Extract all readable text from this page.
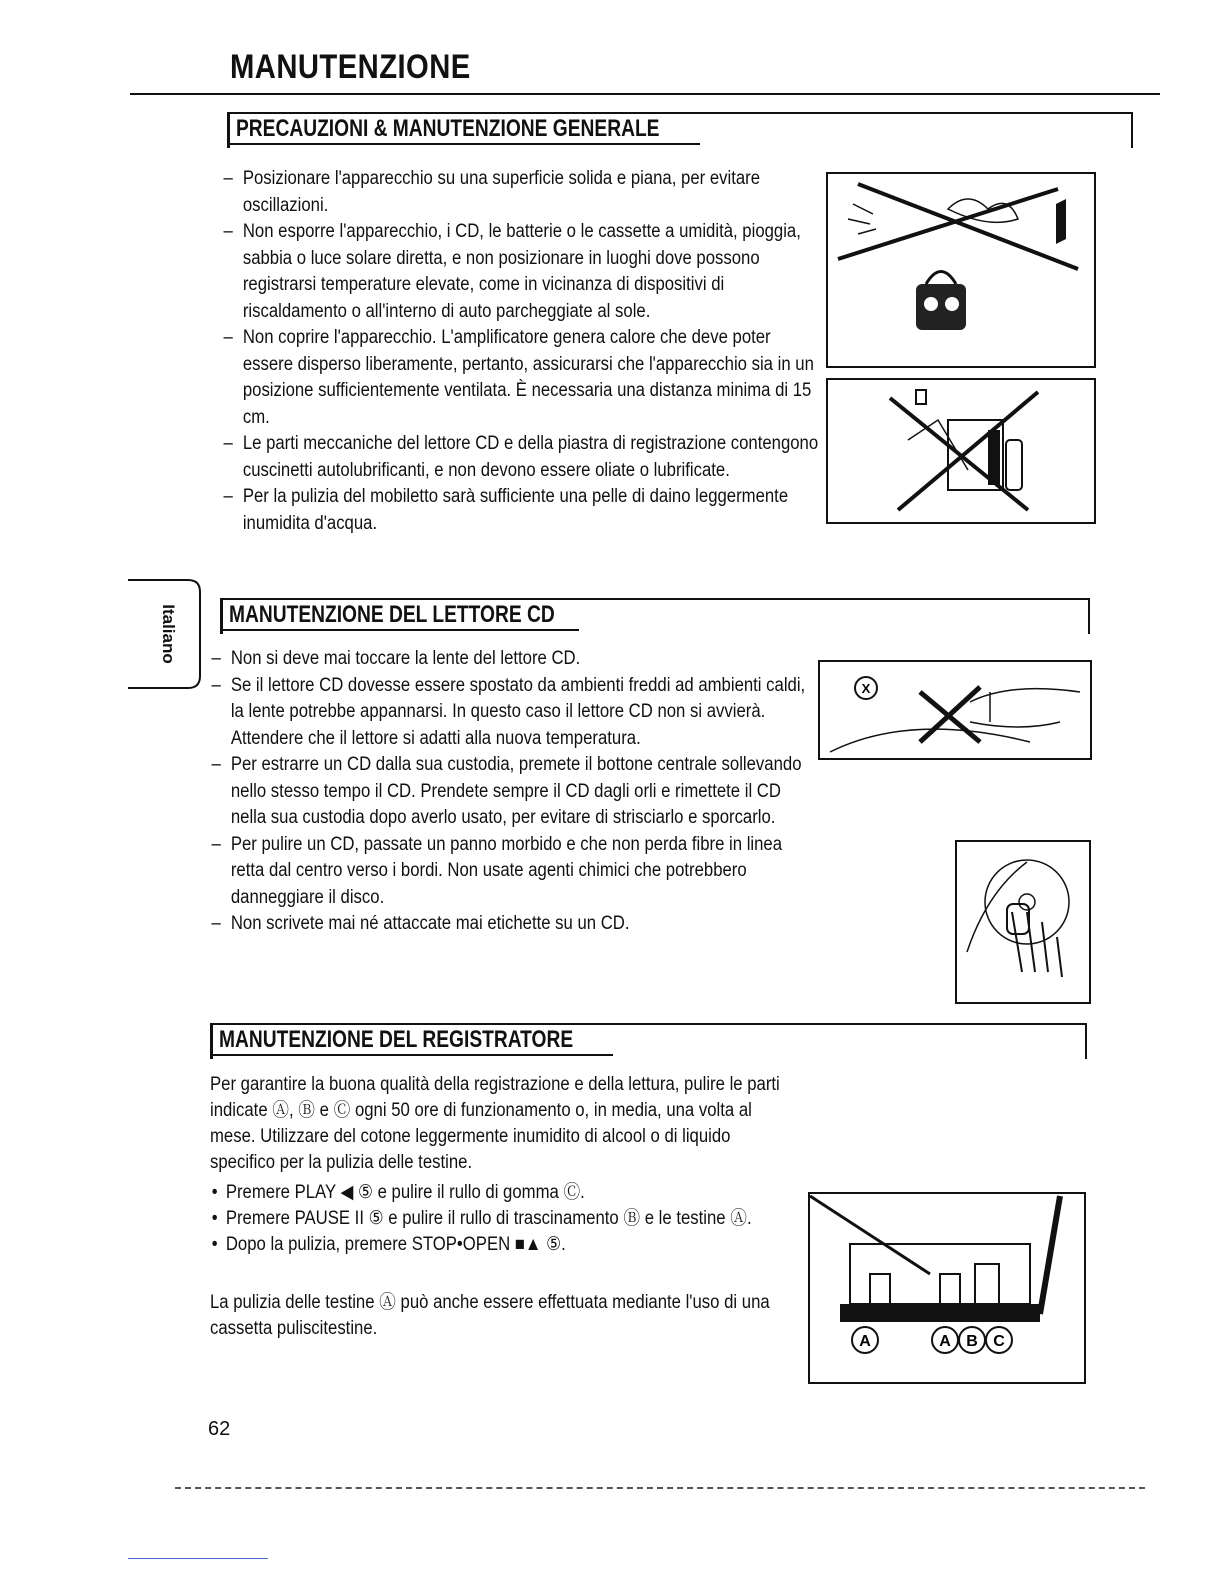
MANUTENZIONE
PRECAUZIONI & MANUTENZIONE GENERALE
– Posizionare l'apparecchio su una superficie solida e piana, per evitare oscillazioni.
– Non esporre l'apparecchio, i CD, le batterie o le cassette a umidità, pioggia, sabbia o luce solare diretta, e non posizionare in luoghi dove possono registrarsi temperature elevate, come in vicinanza di dispositivi di riscaldamento o all'interno di auto parcheggiate al sole.
– Non coprire l'apparecchio. L'amplificatore genera calore che deve poter essere disperso liberamente, pertanto, assicurarsi che l'apparecchio sia in un posizione sufficientemente ventilata. È necessaria una distanza minima di 15 cm.
– Le parti meccaniche del lettore CD e della piastra di registrazione contengono cuscinetti autolubrificanti, e non devono essere oliate o lubrificate.
– Per la pulizia del mobiletto sarà sufficiente una pelle di daino leggermente inumidita d'acqua.
Italiano MANUTENZIONE DEL LETTORE CD
– Non si deve mai toccare la lente del lettore CD.
– Se il lettore CD dovesse essere spostato da ambienti freddi ad ambienti caldi, la lente potrebbe appannarsi. In questo caso il lettore CD non si avvierà. Attendere che il lettore si adatti alla nuova temperatura.
– Per estrarre un CD dalla sua custodia, premete il bottone centrale sollevando nello stesso tempo il CD. Prendete sempre il CD dagli orli e rimettete il CD nella sua custodia dopo averlo usato, per evitare di strisciarlo e sporcarlo.
– Per pulire un CD, passate un panno morbido e che non perda fibre in linea retta dal centro verso i bordi. Non usate agenti chimici che potrebbero danneggiare il disco.
– Non scrivete mai né attaccate mai etichette su un CD.
X
MANUTENZIONE DEL REGISTRATORE
Per garantire la buona qualità della registrazione e della lettura, pulire le parti indicate Ⓐ, Ⓑ e Ⓒ ogni 50 ore di funzionamento o, in media, una volta al mese. Utilizzare del cotone leggermente inumidito di alcool o di liquido specifico per la pulizia delle testine.
• Premere PLAY ◀ ⑤ e pulire il rullo di gomma Ⓒ.
• Premere PAUSE II ⑤ e pulire il rullo di trascinamento Ⓑ e le testine Ⓐ.
• Dopo la pulizia, premere STOP•OPEN ■▲ ⑤.
La pulizia delle testine Ⓐ può anche essere effettuata mediante l'uso di una cassetta puliscitestine.
A	A B C
62
